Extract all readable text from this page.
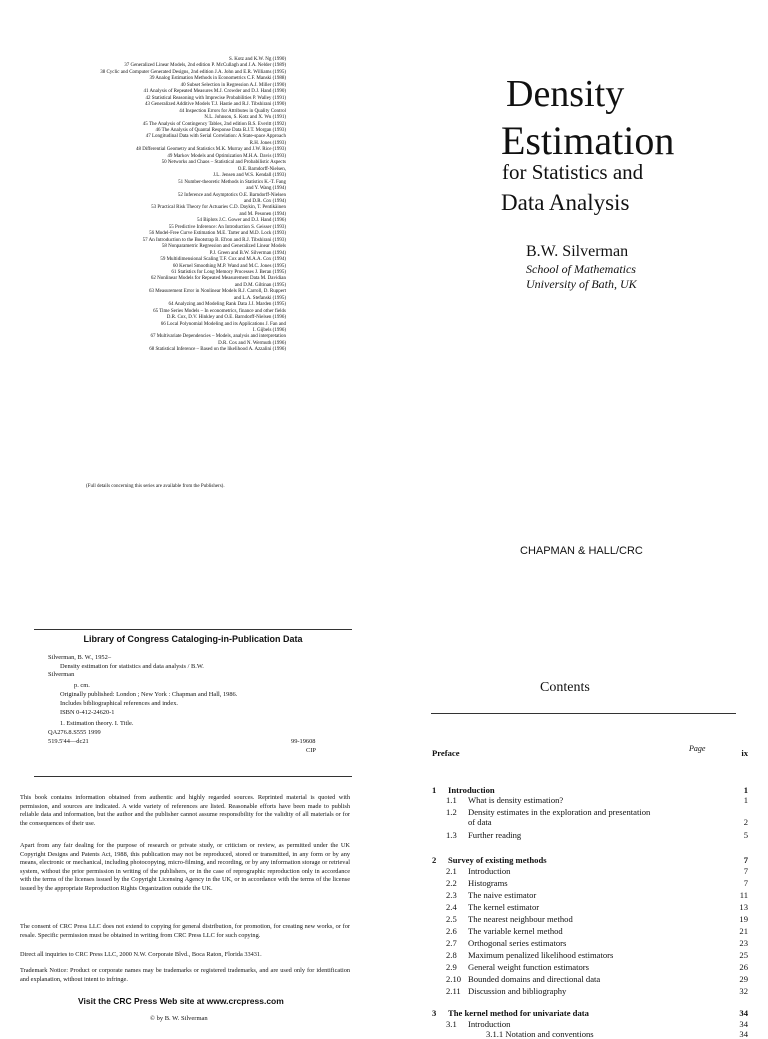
S. Kotz and K.W. Ng (1990)
37 Generalized Linear Models, 2nd edition P. McCullagh and J.A. Nelder (1989)
38 Cyclic and Computer Generated Designs, 2nd edition J.A. John and E.R. Williams (1995)
39 Analog Estimation Methods in Econometrics C.F. Manski (1988)
40 Subset Selection in Regression A.J. Miller (1990)
41 Analysis of Repeated Measures M.J. Crowder and D.J. Hand (1990)
42 Statistical Reasoning with Imprecise Probabilities P. Walley (1991)
43 Generalized Additive Models T.J. Hastie and R.J. Tibshirani (1990)
44 Inspection Errors for Attributes in Quality Control
N.L. Johnson, S. Kotz and X. Wu (1991)
45 The Analysis of Contingency Tables, 2nd edition B.S. Everitt (1992)
46 The Analysis of Quantal Response Data B.J.T. Morgan (1993)
47 Longitudinal Data with Serial Correlation: A State-space Approach
R.H. Jones (1993)
48 Differential Geometry and Statistics M.K. Murray and J.W. Rice (1993)
49 Markov Models and Optimization M.H.A. Davis (1993)
50 Networks and Chaos – Statistical and Probabilistic Aspects
O.E. Barndorff-Nielsen,
J.L. Jensen and W.S. Kendall (1993)
51 Number-theoretic Methods in Statistics K.-T. Fang
and Y. Wang (1994)
52 Inference and Asymptotics O.E. Barndorff-Nielsen
and D.R. Cox (1994)
53 Practical Risk Theory for Actuaries C.D. Daykin, T. Pentikäinen
and M. Pesonen (1994)
54 Biplots J.C. Gower and D.J. Hand (1996)
55 Predictive Inference: An Introduction S. Geisser (1993)
56 Model-Free Curve Estimation M.E. Tarter and M.D. Lock (1993)
57 An Introduction to the Bootstrap B. Efron and R.J. Tibshirani (1993)
58 Nonparametric Regression and Generalized Linear Models
P.J. Green and B.W. Silverman (1994)
59 Multidimensional Scaling T.F. Cox and M.A.A. Cox (1994)
60 Kernel Smoothing M.P. Wand and M.C. Jones (1995)
61 Statistics for Long Memory Processes J. Beran (1995)
62 Nonlinear Models for Repeated Measurement Data M. Davidian
and D.M. Giltinan (1995)
63 Measurement Error in Nonlinear Models R.J. Carroll, D. Ruppert
and L.A. Stefanski (1995)
64 Analyzing and Modeling Rank Data J.J. Marden (1995)
65 Time Series Models – In econometrics, finance and other fields
D.R. Cox, D.V. Hinkley and O.E. Barndorff-Nielsen (1996)
66 Local Polynomial Modeling and its Applications J. Fan and
I. Gijbels (1996)
67 Multivariate Dependencies – Models, analysis and interpretation
D.R. Cox and N. Wermuth (1996)
68 Statistical Inference – Based on the likelihood A. Azzalini (1996)
(Full details concerning this series are available from the Publishers).
Density
Estimation
for Statistics and
Data Analysis
B.W. Silverman
School of Mathematics
University of Bath, UK
CHAPMAN & HALL/CRC
Library of Congress Cataloging-in-Publication Data
Silverman, B. W., 1952–
Density estimation for statistics and data analysis / B.W.
Silverman
p. cm.
Originally published: London ; New York : Chapman and Hall, 1986.
Includes bibliographical references and index.
ISBN 0-412-24620-1
1. Estimation theory. I. Title.
QA276.8.S555 1999
519.5'44—dc21	99-19608
CIP

This book contains information obtained from authentic and highly regarded sources. Reprinted material is quoted with permission, and sources are indicated. A wide variety of references are listed. Reasonable efforts have been made to publish reliable data and information, but the author and the publisher cannot assume responsibility for the validity of all materials or for the consequences of their use.

Apart from any fair dealing for the purpose of research or private study, or criticism or review, as permitted under the UK Copyright Designs and Patents Act, 1988, this publication may not be reproduced, stored or transmitted, in any form or by any means, electronic or mechanical, including photocopying, micro-filming, and recording, or by any information storage or retrieval system, without the prior permission in writing of the publishers, or in the case of reprographic reproduction only in accordance with the terms of the licenses issued by the Copyright Licensing Agency in the UK, or in accordance with the terms of the license issued by the appropriate Reproduction Rights Organization outside the UK.

The consent of CRC Press LLC does not extend to copying for general distribution, for promotion, for creating new works, or for resale. Specific permission must be obtained in writing from CRC Press LLC for such copying.

Direct all inquiries to CRC Press LLC, 2000 N.W. Corporate Blvd., Boca Raton, Florida 33431.

Trademark Notice: Product or corporate names may be trademarks or registered trademarks, and are used only for identification and explanation, without intent to infringe.

Visit the CRC Press Web site at www.crcpress.com
© by B. W. Silverman
Contents
Page
Preface	ix
1 Introduction	1
1.1 What is density estimation?	1
1.2 Density estimates in the exploration and presentation
of data	2
1.3 Further reading	5
2 Survey of existing methods	7
2.1 Introduction	7
2.2 Histograms	7
2.3 The naive estimator	11
2.4 The kernel estimator	13
2.5 The nearest neighbour method	19
2.6 The variable kernel method	21
2.7 Orthogonal series estimators	23
2.8 Maximum penalized likelihood estimators	25
2.9 General weight function estimators	26
2.10 Bounded domains and directional data	29
2.11 Discussion and bibliography	32
3 The kernel method for univariate data	34
3.1 Introduction	34
3.1.1 Notation and conventions	34
